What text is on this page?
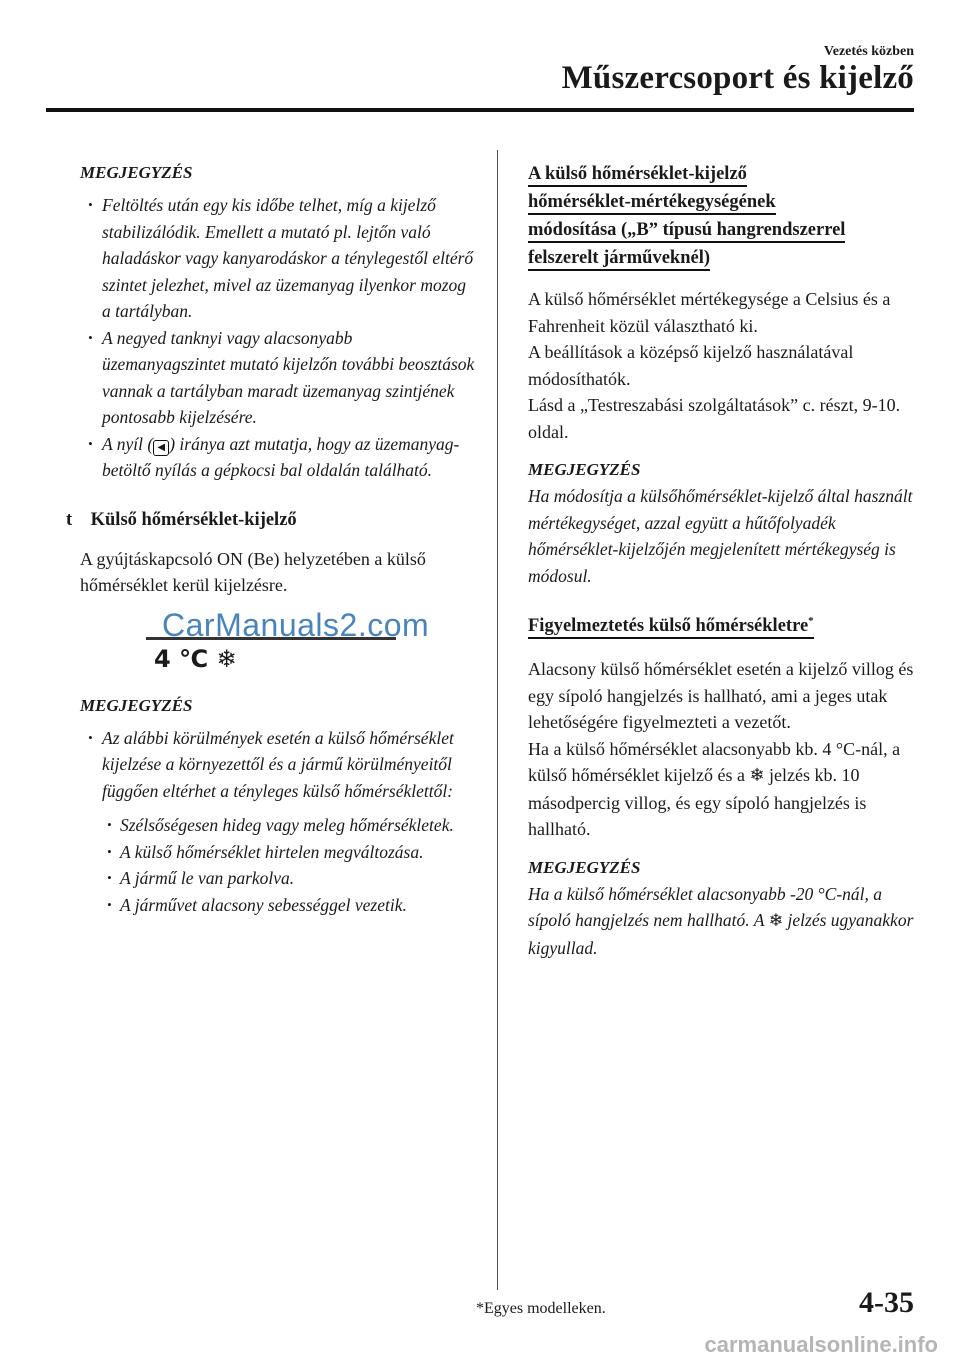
Vezetés közben
Műszercsoport és kijelző
MEGJEGYZÉS
• Feltöltés után egy kis időbe telhet, míg a kijelző stabilizálódik. Emellett a mutató pl. lejtőn való haladáskor vagy kanyarodáskor a ténylegestől eltérő szintet jelezhet, mivel az üzemanyag ilyenkor mozog a tartályban.
• A negyed tanknyi vagy alacsonyabb üzemanyagszintet mutató kijelzőn további beosztások vannak a tartályban maradt üzemanyag szintjének pontosabb kijelzésére.
• A nyíl ( ◀ ) iránya azt mutatja, hogy az üzemanyag-betöltő nyílás a gépkocsi bal oldalán található.
t Külső hőmérséklet-kijelző
A gyújtáskapcsoló ON (Be) helyzetében a külső hőmérséklet kerül kijelzésre.
CarManuals2.com
4 ℃ ❄
MEGJEGYZÉS
• Az alábbi körülmények esetén a külső hőmérséklet kijelzése a környezettől és a jármű körülményeitől függően eltérhet a tényleges külső hőmérséklettől:
• Szélsőségesen hideg vagy meleg hőmérsékletek.
• A külső hőmérséklet hirtelen megváltozása.
• A jármű le van parkolva.
• A járművet alacsony sebességgel vezetik.
A külső hőmérséklet-kijelző
hőmérséklet-mértékegységének
módosítása („B” típusú hangrendszerrel
felszerelt járműveknél)
A külső hőmérséklet mértékegysége a Celsius és a Fahrenheit közül választható ki.
A beállítások a középső kijelző használatával módosíthatók.
Lásd a „Testreszabási szolgáltatások” c. részt, 9-10. oldal.
MEGJEGYZÉS
Ha módosítja a külsőhőmérséklet-kijelző által használt mértékegységet, azzal együtt a hűtőfolyadék hőmérséklet-kijelzőjén megjelenített mértékegység is módosul.
Figyelmeztetés külső hőmérsékletre*
Alacsony külső hőmérséklet esetén a kijelző villog és egy sípoló hangjelzés is hallható, ami a jeges utak lehetőségére figyelmezteti a vezetőt.
Ha a külső hőmérséklet alacsonyabb kb. 4 °C-nál, a külső hőmérséklet kijelző és a ❄ jelzés kb. 10 másodpercig villog, és egy sípoló hangjelzés is hallható.
MEGJEGYZÉS
Ha a külső hőmérséklet alacsonyabb -20 °C-nál, a sípoló hangjelzés nem hallható. A ❄ jelzés ugyanakkor kigyullad.
*Egyes modelleken.	4-35
carmanualsonline.info
